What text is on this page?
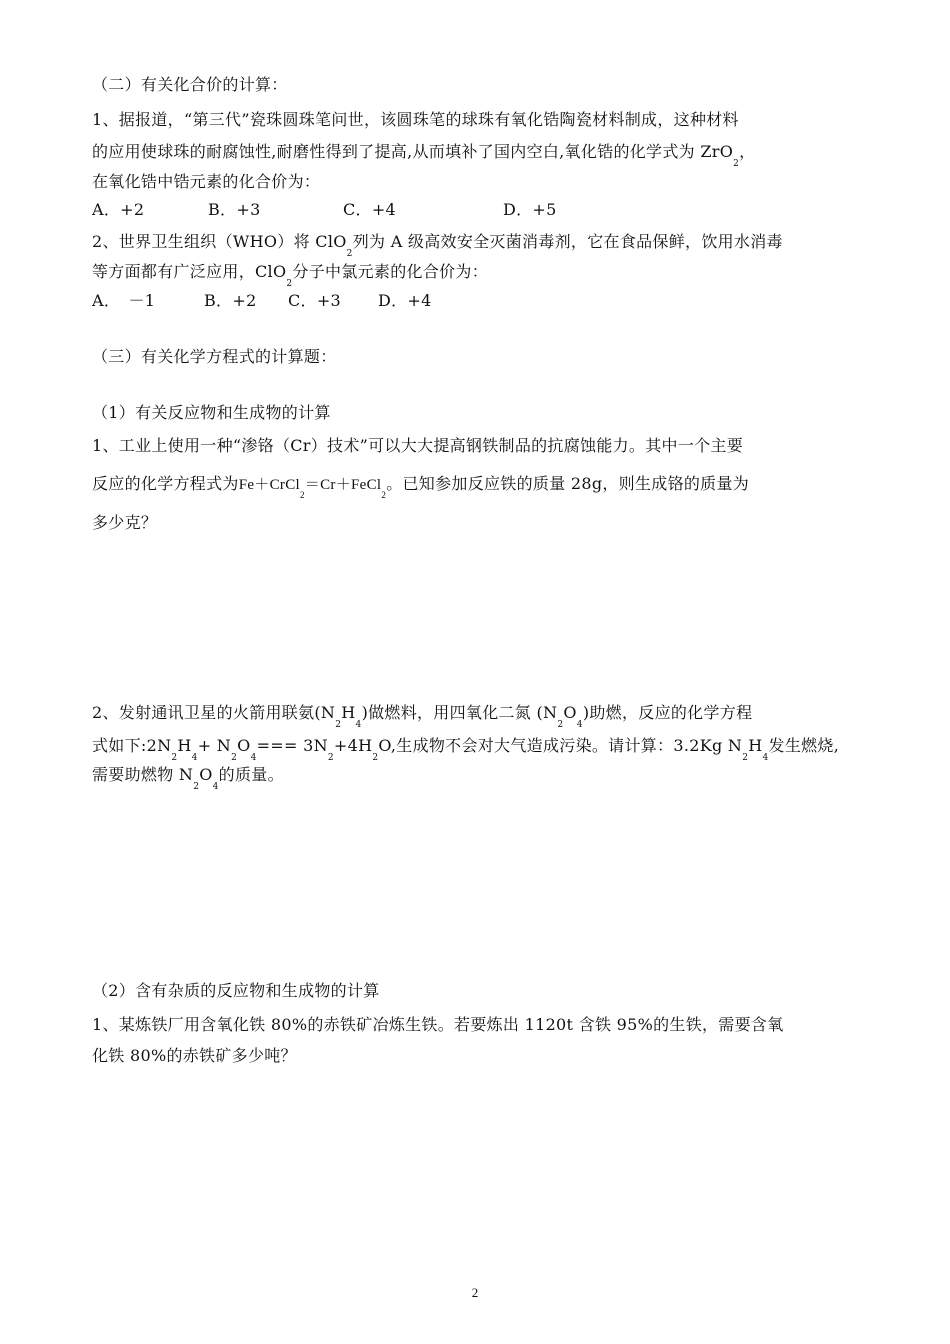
（二）有关化合价的计算：
1、据报道，“第三代”瓷珠圆珠笔问世，该圆珠笔的球珠有氧化锆陶瓷材料制成，这种材料
的应用使球珠的耐腐蚀性,耐磨性得到了提高,从而填补了国内空白,氧化锆的化学式为 ZrO$_2$，
在氧化锆中锆元素的化合价为：
A．+2	B．+3	C．+4	D．+5
2、世界卫生组织（WHO）将 ClO$_2$列为 A 级高效安全灭菌消毒剂，它在食品保鲜，饮用水消毒
等方面都有广泛应用，ClO$_2$分子中氯元素的化合价为：
A．　－1	B．+2 C．+3 D．+4
（三）有关化学方程式的计算题：
（1）有关反应物和生成物的计算
1、工业上使用一种“渗铬（Cr）技术”可以大大提高钢铁制品的抗腐蚀能力。其中一个主要
反应的化学方程式为Fe＋CrCl$_2$＝Cr＋FeCl$_2$。已知参加反应铁的质量 28g，则生成铬的质量为
多少克？
2、发射通讯卫星的火箭用联氨$(N_2H_4)$做燃料，用四氧化二氮 $(N_2O_4)$助燃，反应的化学方程
式如下$:2N_2H_4+ N_2O_4=== 3N_2+4H_2O$,生成物不会对大气造成污染。请计算：3.2Kg $N_2H_4$发生燃烧,
需要助燃物 $N_2O_4$的质量。
（2）含有杂质的反应物和生成物的计算
1、某炼铁厂用含氧化铁 80%的赤铁矿冶炼生铁。若要炼出 1120t 含铁 95%的生铁，需要含氧
化铁 80%的赤铁矿多少吨？
2
